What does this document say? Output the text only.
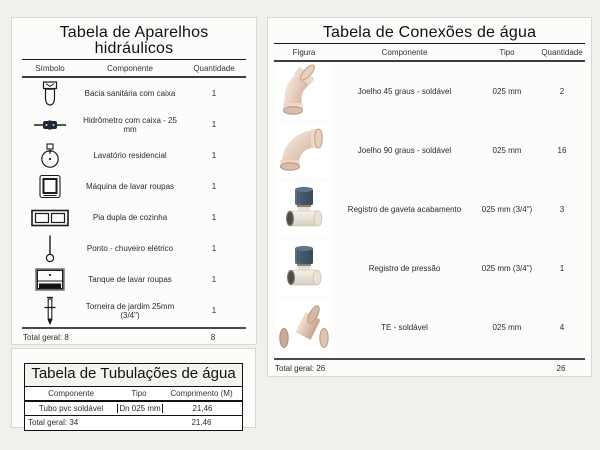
Tabela de Aparelhos hidráulicos
Símbolo	Componente	Quantidade
Bacia sanitária com caixa	1
Hidrômetro com caixa - 25 mm	1
Lavatório residencial	1
Máquina de lavar roupas	1
Pia dupla de cozinha	1
Ponto - chuveiro elétrico	1
Tanque de lavar roupas	1
Torneira de jardim 25mm (3/4")	1
Total geral: 8	8
Tabela de Tubulações de água
Componente	Tipo	Comprimento (M)
Tubo pvc soldável	Dn 025 mm	21,46
Total geral: 34	21,46
Tabela de Conexões de água
Figura	Componente	Tipo	Quantidade
Joelho 45 graus - soldável	025 mm	2
Joelho 90 graus - soldável	025 mm	16
Registro de gaveta acabamento	025 mm (3/4")	3
Registro de pressão	025 mm (3/4")	1
TE - soldável	025 mm	4
Total geral: 26	26
